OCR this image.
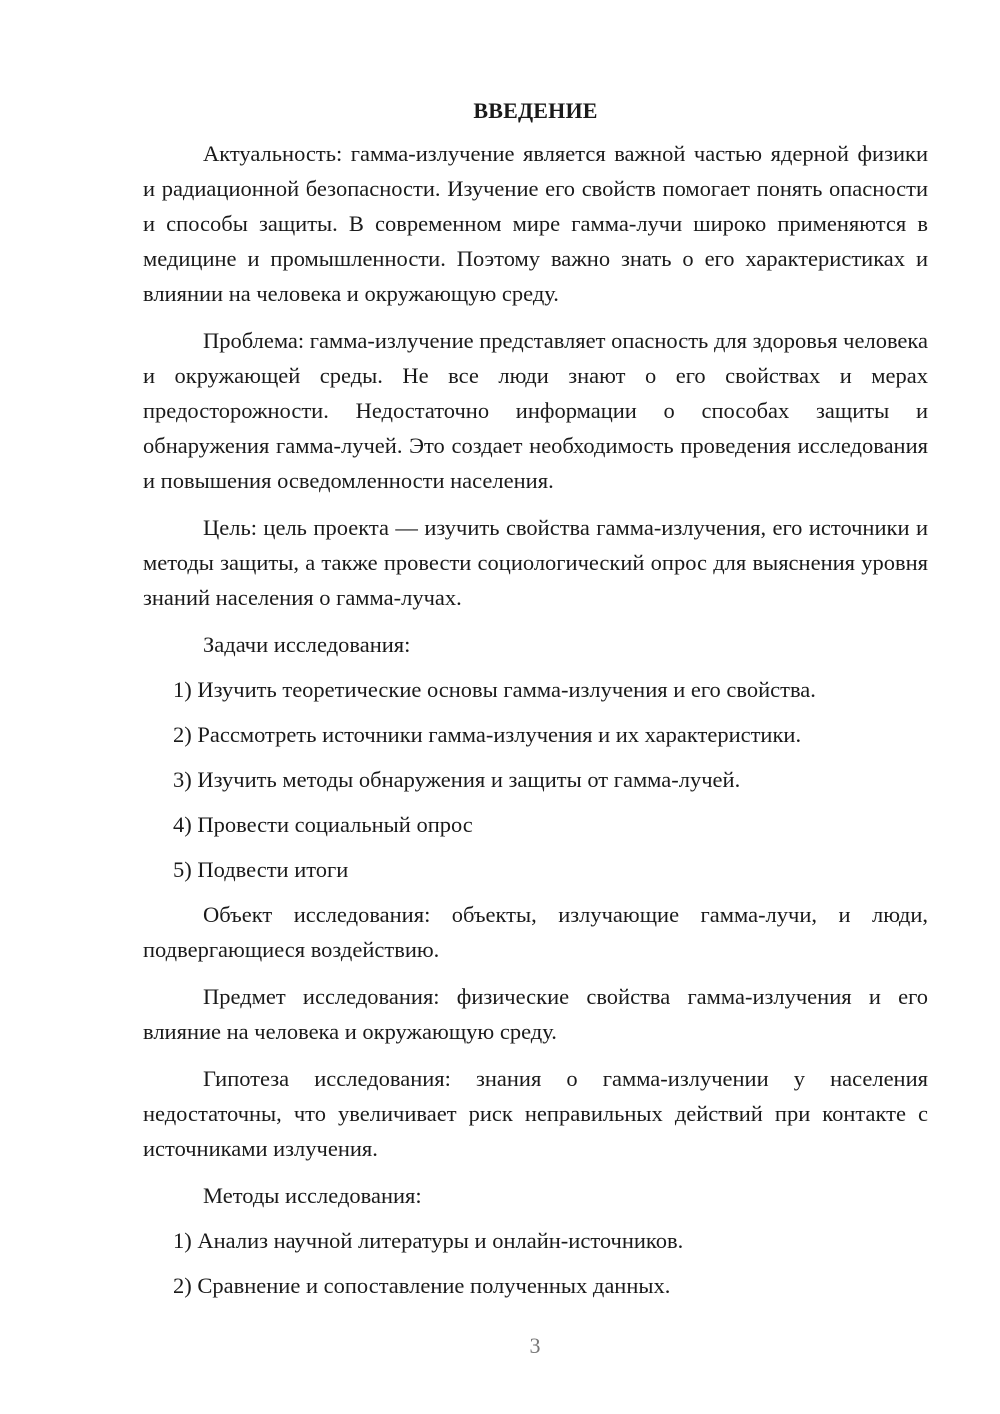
ВВЕДЕНИЕ

Актуальность: гамма-излучение является важной частью ядерной физики и радиационной безопасности. Изучение его свойств помогает понять опасности и способы защиты. В современном мире гамма-лучи широко применяются в медицине и промышленности. Поэтому важно знать о его характеристиках и влиянии на человека и окружающую среду.

Проблема: гамма-излучение представляет опасность для здоровья человека и окружающей среды. Не все люди знают о его свойствах и мерах предосторожности. Недостаточно информации о способах защиты и обнаружения гамма-лучей. Это создает необходимость проведения исследования и повышения осведомленности населения.

Цель: цель проекта — изучить свойства гамма-излучения, его источники и методы защиты, а также провести социологический опрос для выяснения уровня знаний населения о гамма-лучах.

Задачи исследования:

1) Изучить теоретические основы гамма-излучения и его свойства.

2) Рассмотреть источники гамма-излучения и их характеристики.

3) Изучить методы обнаружения и защиты от гамма-лучей.

4) Провести социальный опрос

5) Подвести итоги

Объект исследования: объекты, излучающие гамма-лучи, и люди, подвергающиеся воздействию.

Предмет исследования: физические свойства гамма-излучения и его влияние на человека и окружающую среду.

Гипотеза исследования: знания о гамма-излучении у населения недостаточны, что увеличивает риск неправильных действий при контакте с источниками излучения.

Методы исследования:

1) Анализ научной литературы и онлайн-источников.

2) Сравнение и сопоставление полученных данных.

3
